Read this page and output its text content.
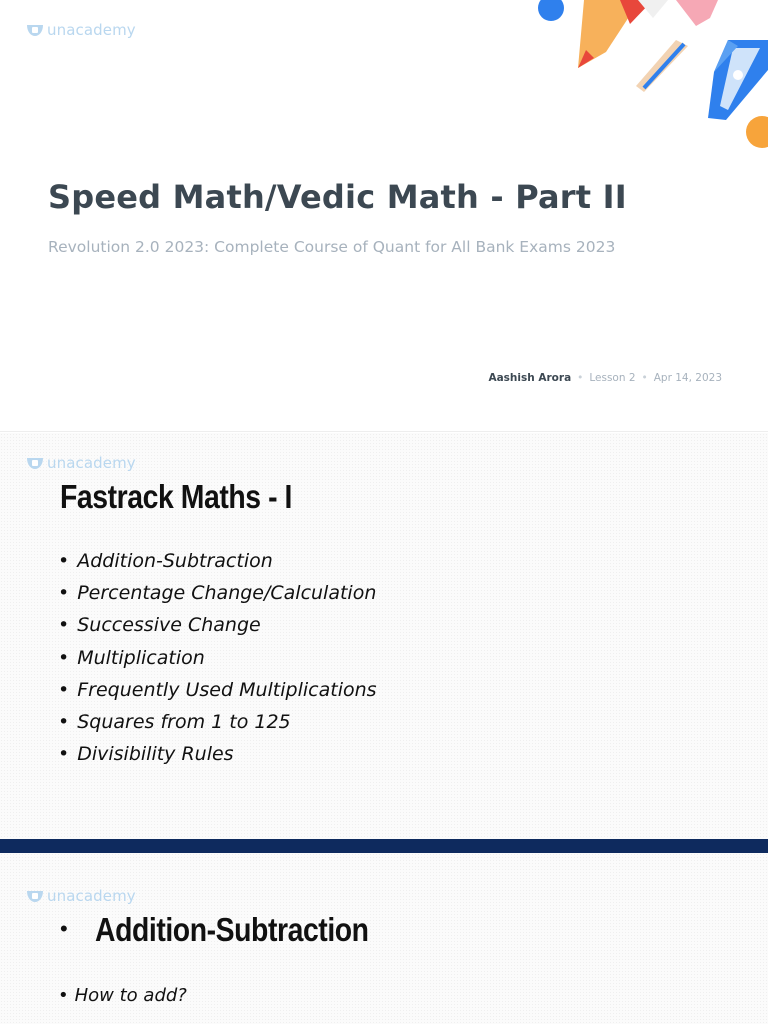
unacademy
Speed Math/Vedic Math - Part II
Revolution 2.0 2023: Complete Course of Quant for All Bank Exams 2023
Aashish Arora • Lesson 2 • Apr 14, 2023
unacademy
Fastrack Maths - I
• Addition-Subtraction
• Percentage Change/Calculation
• Successive Change
• Multiplication
• Frequently Used Multiplications
• Squares from 1 to 125
• Divisibility Rules
unacademy
• Addition-Subtraction
• How to add?
